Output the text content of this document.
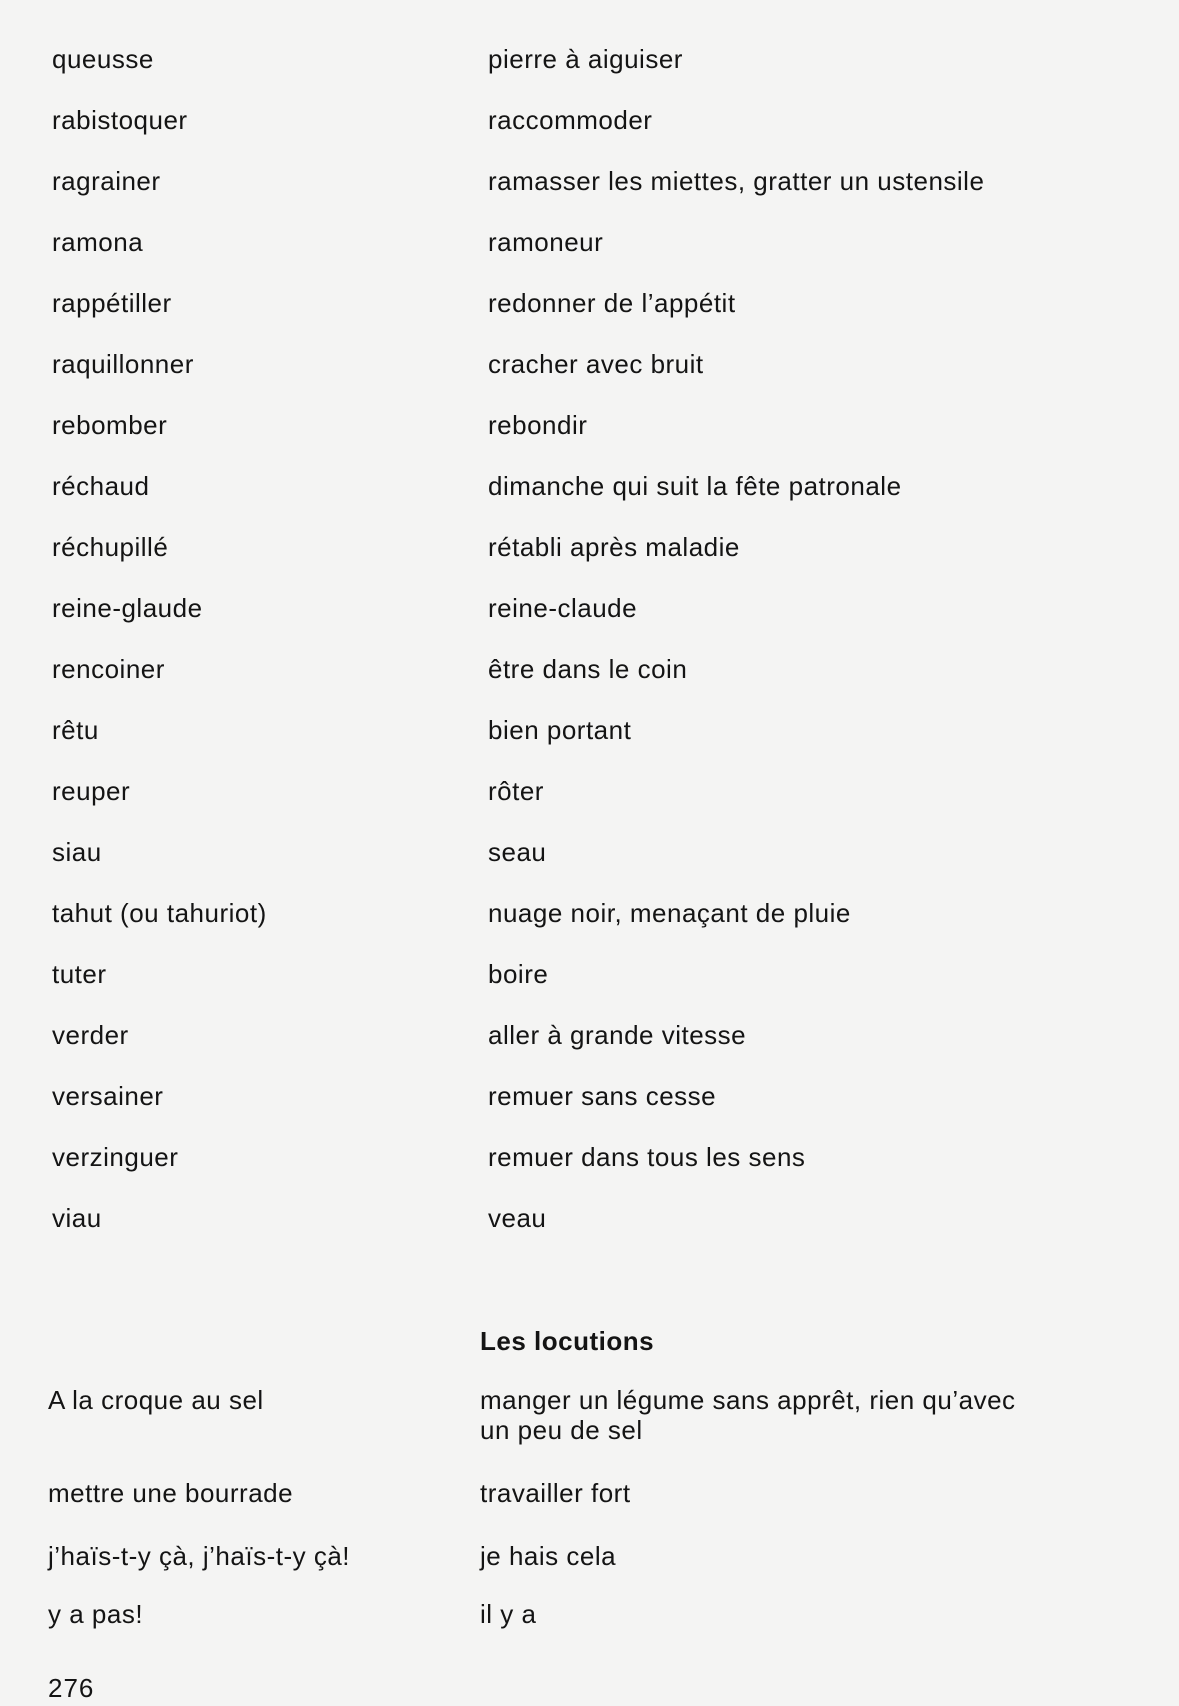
queusse	pierre à aiguiser
rabistoquer	raccommoder
ragrainer	ramasser les miettes, gratter un ustensile
ramona	ramoneur
rappétiller	redonner de l’appétit
raquillonner	cracher avec bruit
rebomber	rebondir
réchaud	dimanche qui suit la fête patronale
réchupillé	rétabli après maladie
reine-glaude	reine-claude
rencoiner	être dans le coin
rêtu	bien portant
reuper	rôter
siau	seau
tahut (ou tahuriot)	nuage noir, menaçant de pluie
tuter	boire
verder	aller à grande vitesse
versainer	remuer sans cesse
verzinguer	remuer dans tous les sens
viau	veau
Les locutions
A la croque au sel	manger un légume sans apprêt, rien qu’avec un peu de sel
mettre une bourrade	travailler fort
j’haïs-t-y çà, j’haïs-t-y çà!	je hais cela
y a pas!	il y a
276
